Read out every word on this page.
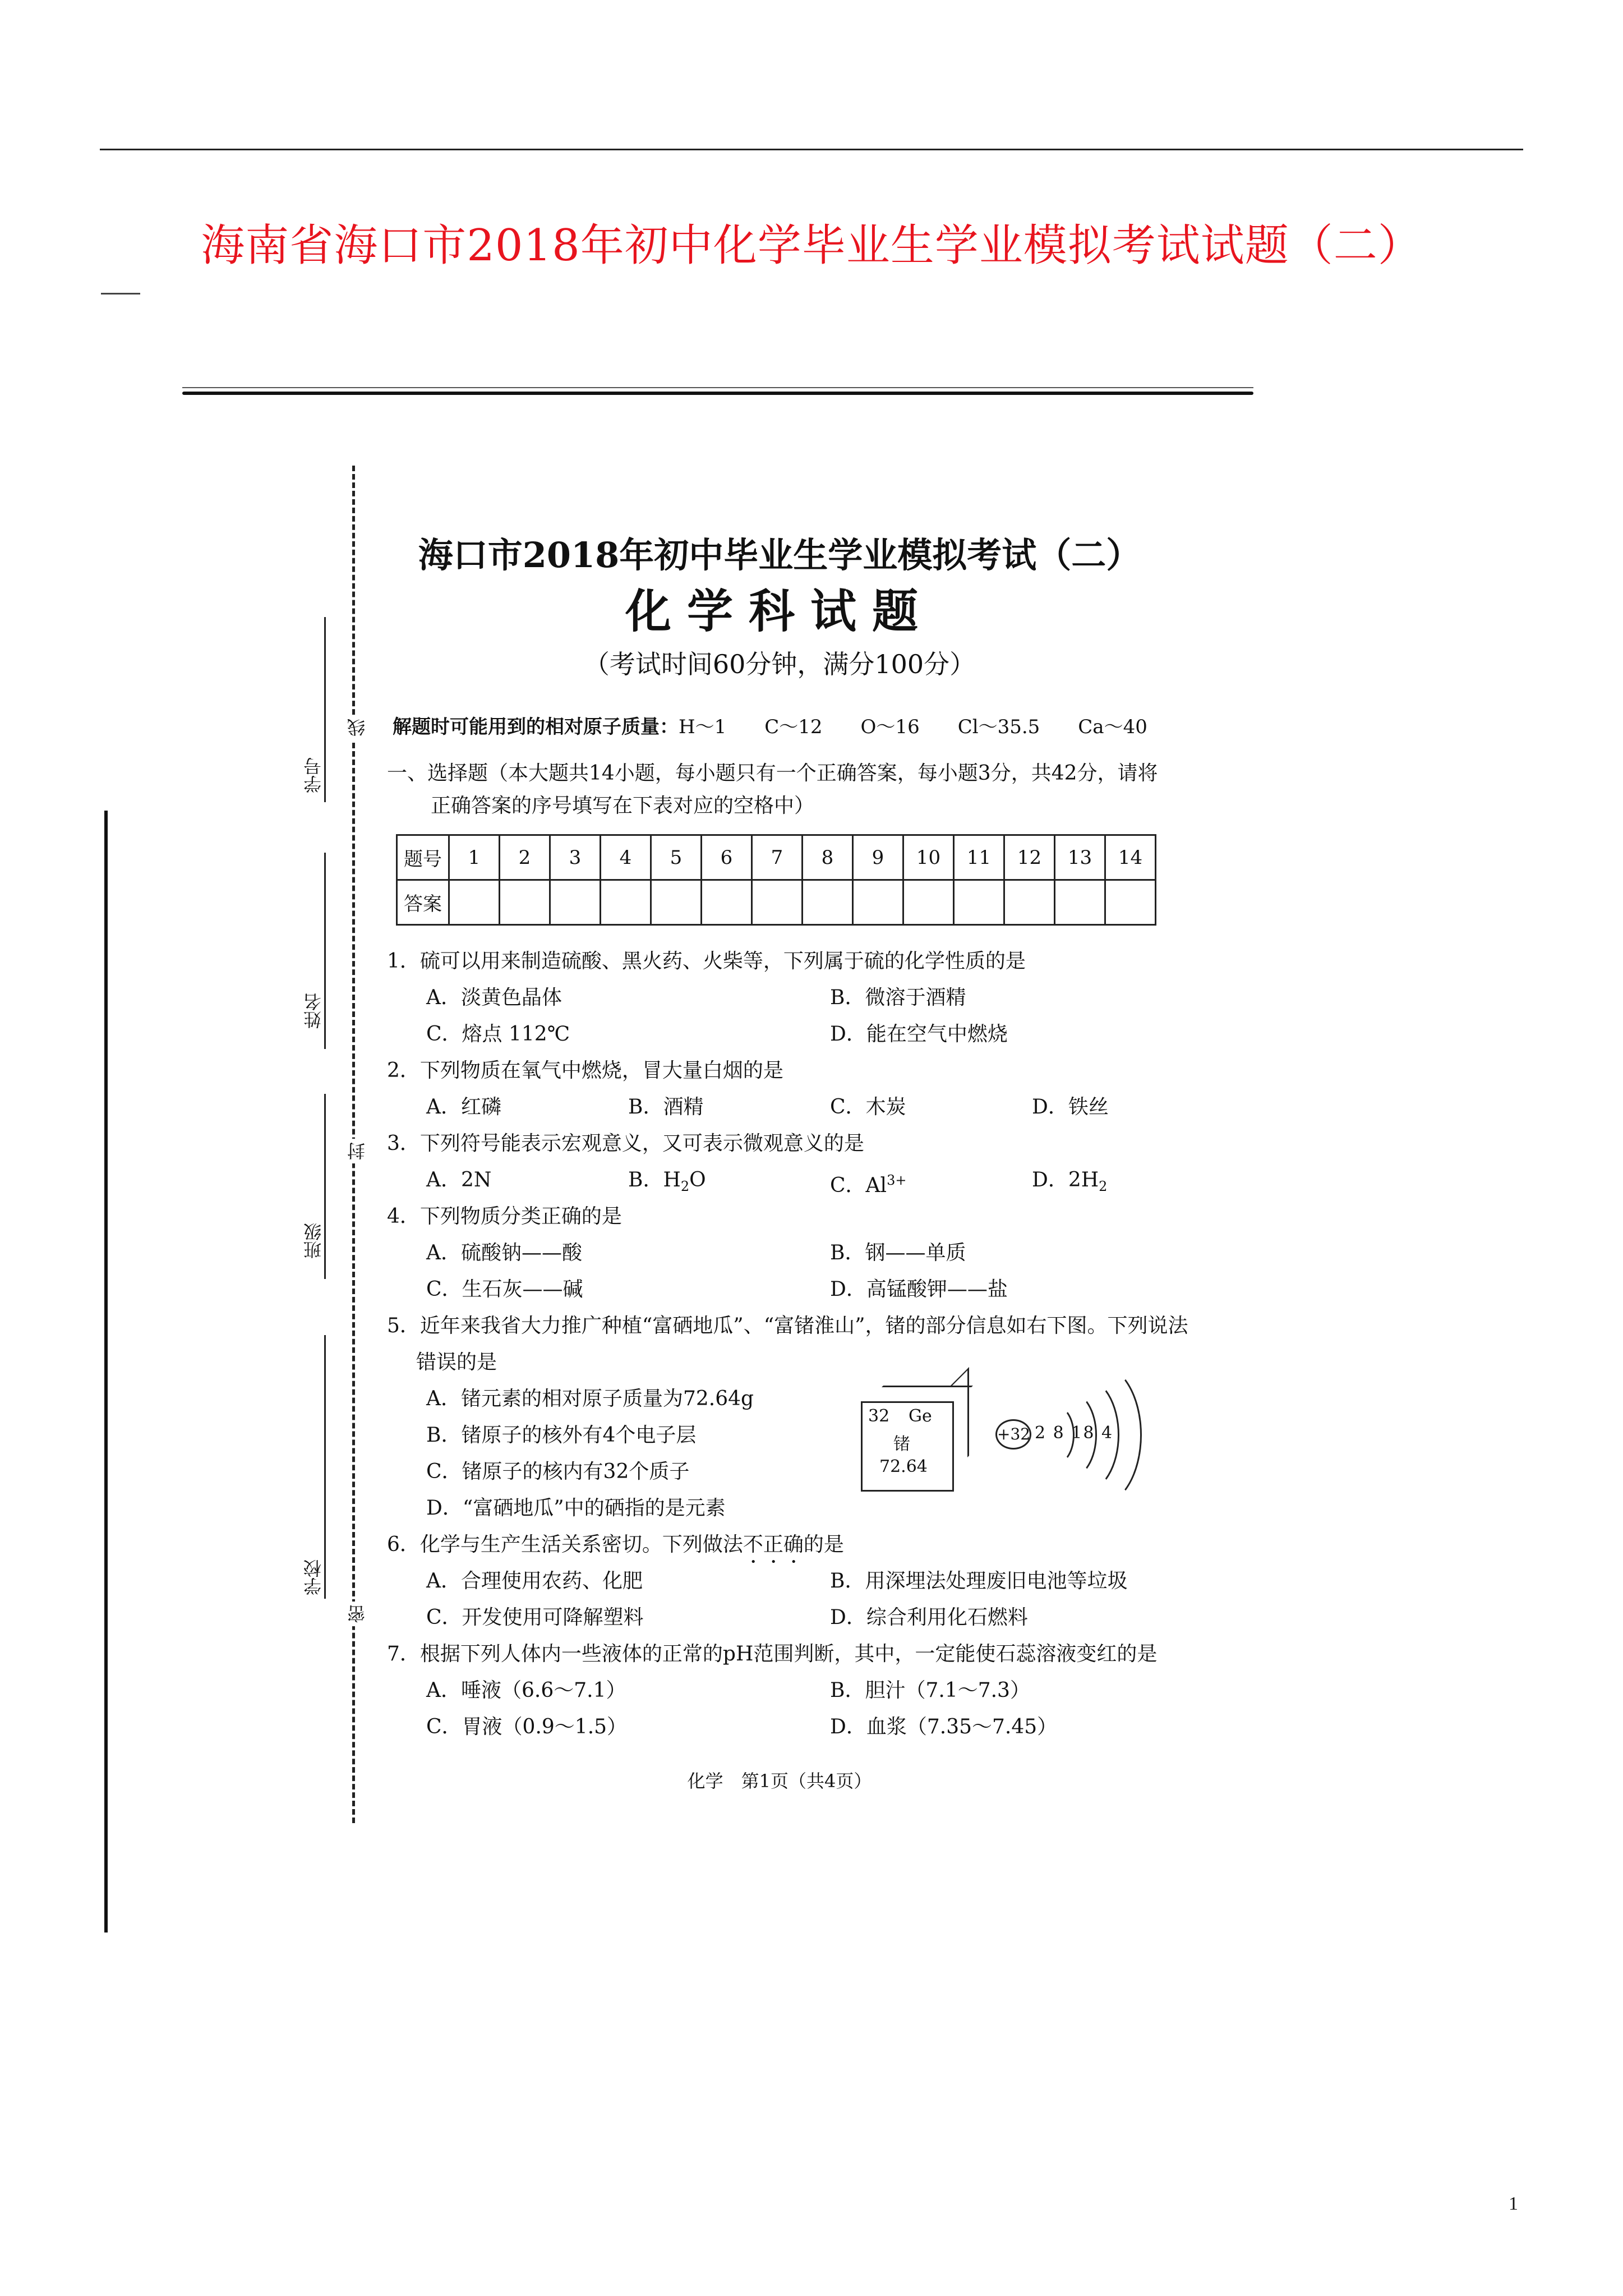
海南省海口市2018年初中化学毕业生学业模拟考试试题（二）
学号
姓名
班级
学校
线
封
密
海口市2018年初中毕业生学业模拟考试（二）
化学科试题
（考试时间60分钟，满分100分）
解题时可能用到的相对原子质量：H～1　　C～12　　O～16　　Cl～35.5　　Ca～40
一、选择题（本大题共14小题，每小题只有一个正确答案，每小题3分，共42分，请将
正确答案的序号填写在下表对应的空格中）
题号	1	2	3	4	5	6	7	8	9	10	11	12	13	14
答案														
1．硫可以用来制造硫酸、黑火药、火柴等，下列属于硫的化学性质的是
A．淡黄色晶体	B．微溶于酒精
C．熔点 112℃	D．能在空气中燃烧
2．下列物质在氧气中燃烧，冒大量白烟的是
A．红磷	B．酒精	C．木炭	D．铁丝
3．下列符号能表示宏观意义，又可表示微观意义的是
A．2N	B．$H_2O$	C．$Al^{3+}$	D．$2H_2$
4．下列物质分类正确的是
A．硫酸钠——酸	B．钢——单质
C．生石灰——碱	D．高锰酸钾——盐
5．近年来我省大力推广种植“富硒地瓜”、“富锗淮山”，锗的部分信息如右下图。下列说法
错误的是
A．锗元素的相对原子质量为72.64g
B．锗原子的核外有4个电子层
C．锗原子的核内有32个质子
D．“富硒地瓜”中的硒指的是元素
32 Ge
锗
72.64
+32 2 8 18 4
6．化学与生产生活关系密切。下列做法不正确的是
A．合理使用农药、化肥	B．用深埋法处理废旧电池等垃圾
C．开发使用可降解塑料	D．综合利用化石燃料
7．根据下列人体内一些液体的正常的pH范围判断，其中，一定能使石蕊溶液变红的是
A．唾液（6.6～7.1）	B．胆汁（7.1～7.3）
C．胃液（0.9～1.5）	D．血浆（7.35～7.45）
化学　第1页（共4页）
1
